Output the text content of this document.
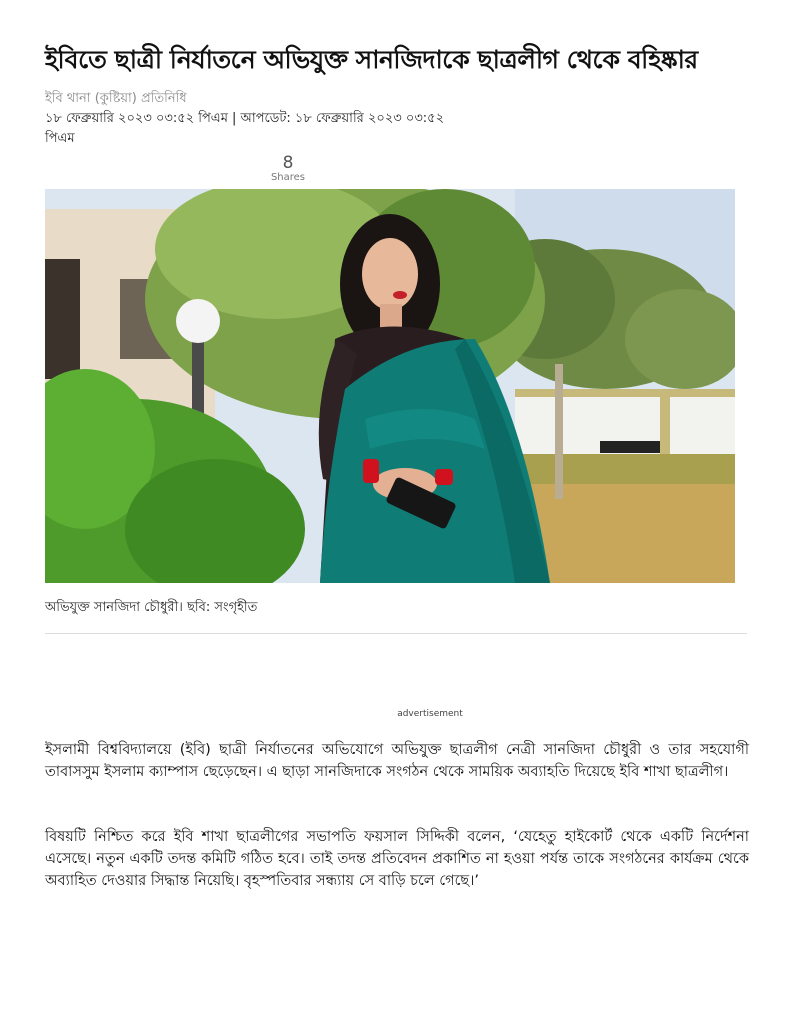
ইবিতে ছাত্রী নির্যাতনে অভিযুক্ত সানজিদাকে ছাত্রলীগ থেকে বহিষ্কার
ইবি থানা (কুষ্টিয়া) প্রতিনিধি
১৮ ফেব্রুয়ারি ২০২৩ ০৩:৫২ পিএম | আপডেট: ১৮ ফেব্রুয়ারি ২০২৩ ০৩:৫২ পিএম
8
Shares
অভিযুক্ত সানজিদা চৌধুরী। ছবি: সংগৃহীত
advertisement

ইসলামী বিশ্ববিদ্যালয়ে (ইবি) ছাত্রী নির্যাতনের অভিযোগে অভিযুক্ত ছাত্রলীগ নেত্রী সানজিদা চৌধুরী ও তার সহযোগী তাবাসসুম ইসলাম ক্যাম্পাস ছেড়েছেন। এ ছাড়া সানজিদাকে সংগঠন থেকে সাময়িক অব্যাহতি দিয়েছে ইবি শাখা ছাত্রলীগ।

বিষয়টি নিশ্চিত করে ইবি শাখা ছাত্রলীগের সভাপতি ফয়সাল সিদ্দিকী বলেন, ‘যেহেতু হাইকোর্ট থেকে একটি নির্দেশনা এসেছে। নতুন একটি তদন্ত কমিটি গঠিত হবে। তাই তদন্ত প্রতিবেদন প্রকাশিত না হওয়া পর্যন্ত তাকে সংগঠনের কার্যক্রম থেকে অব্যাহিত দেওয়ার সিদ্ধান্ত নিয়েছি। বৃহস্পতিবার সন্ধ্যায় সে বাড়ি চলে গেছে।’
